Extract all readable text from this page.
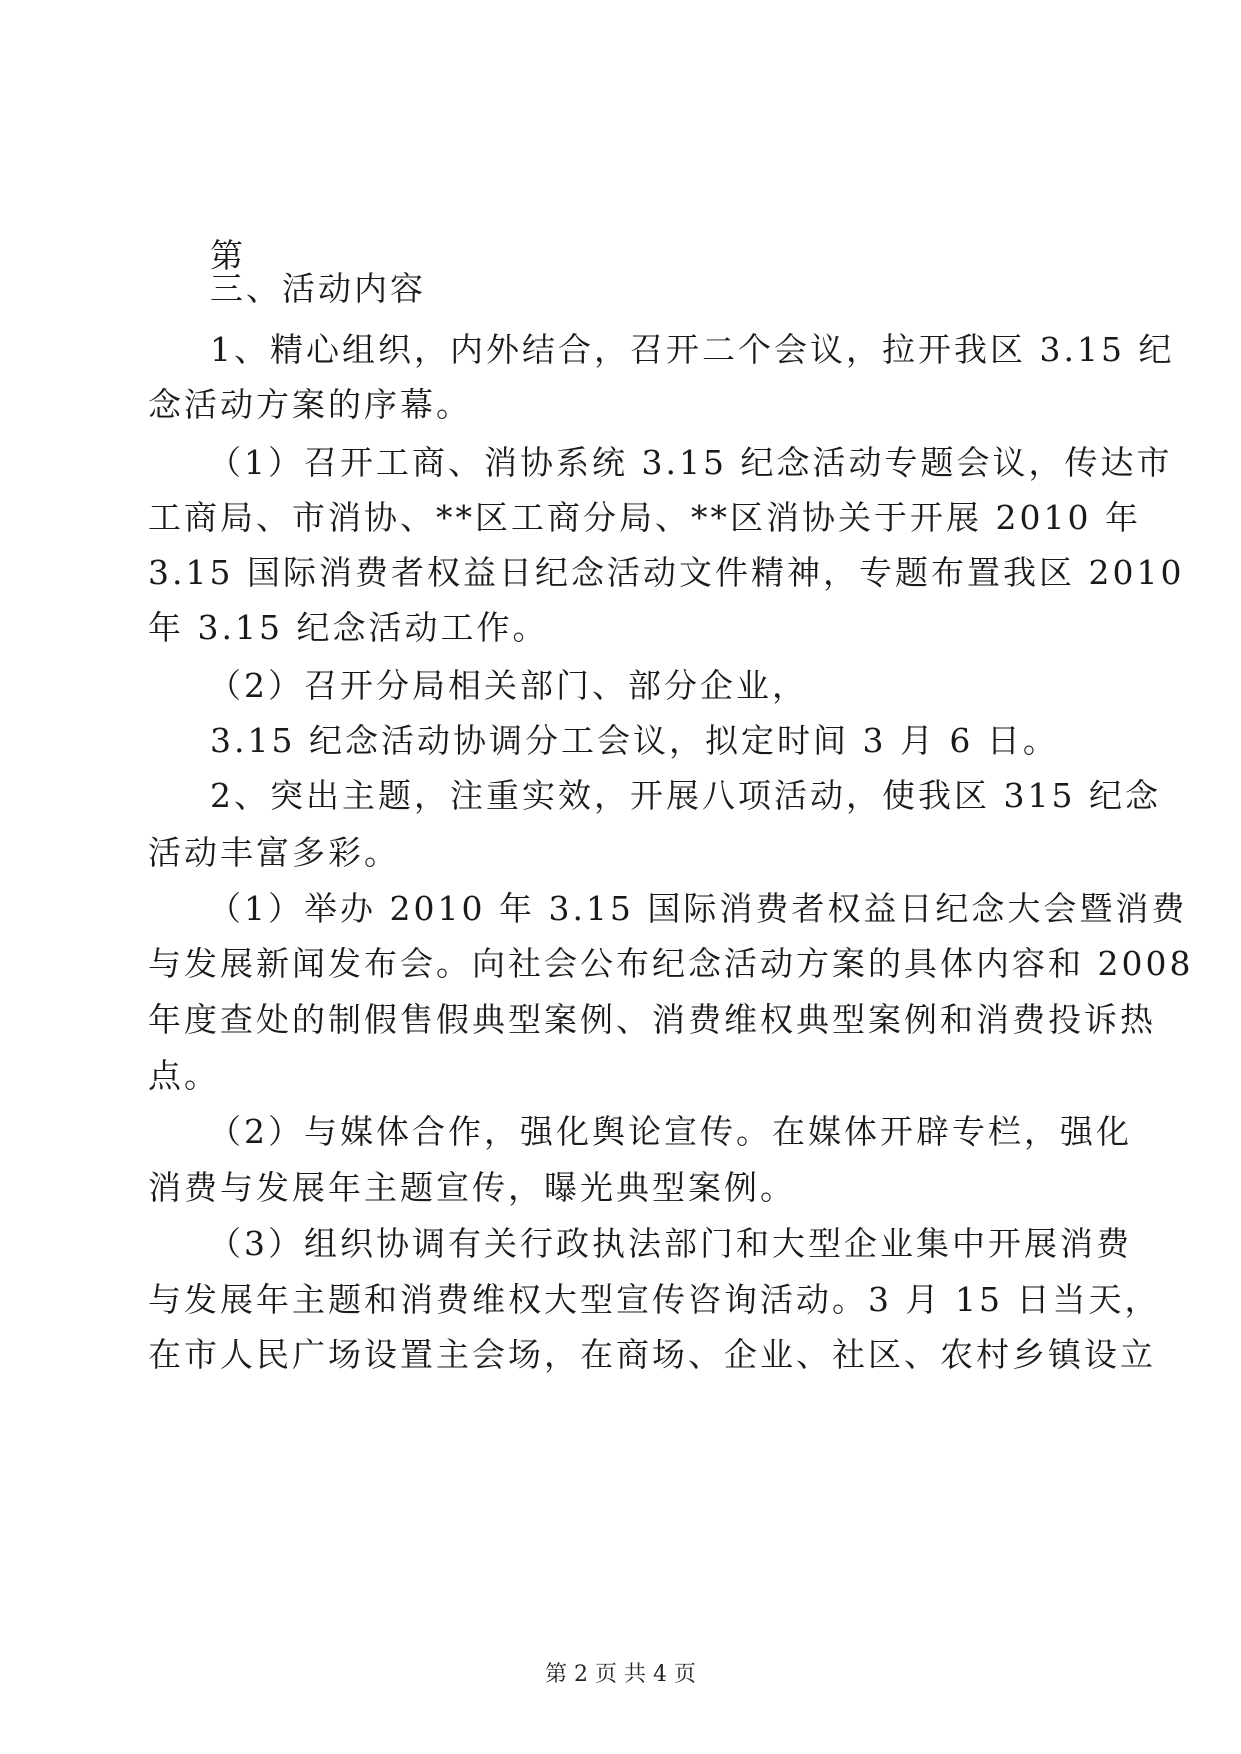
第
三、活动内容
1、精心组织，内外结合，召开二个会议，拉开我区 3.15 纪
念活动方案的序幕。
（1）召开工商、消协系统 3.15 纪念活动专题会议，传达市
工商局、市消协、**区工商分局、**区消协关于开展 2010 年
3.15 国际消费者权益日纪念活动文件精神，专题布置我区 2010
年 3.15 纪念活动工作。
（2）召开分局相关部门、部分企业，
3.15 纪念活动协调分工会议，拟定时间 3 月 6 日。
2、突出主题，注重实效，开展八项活动，使我区 315 纪念
活动丰富多彩。
（1）举办 2010 年 3.15 国际消费者权益日纪念大会暨消费
与发展新闻发布会。向社会公布纪念活动方案的具体内容和 2008
年度查处的制假售假典型案例、消费维权典型案例和消费投诉热
点。
（2）与媒体合作，强化舆论宣传。在媒体开辟专栏，强化
消费与发展年主题宣传，曝光典型案例。
（3）组织协调有关行政执法部门和大型企业集中开展消费
与发展年主题和消费维权大型宣传咨询活动。3 月 15 日当天，
在市人民广场设置主会场，在商场、企业、社区、农村乡镇设立
第 2 页 共 4 页
